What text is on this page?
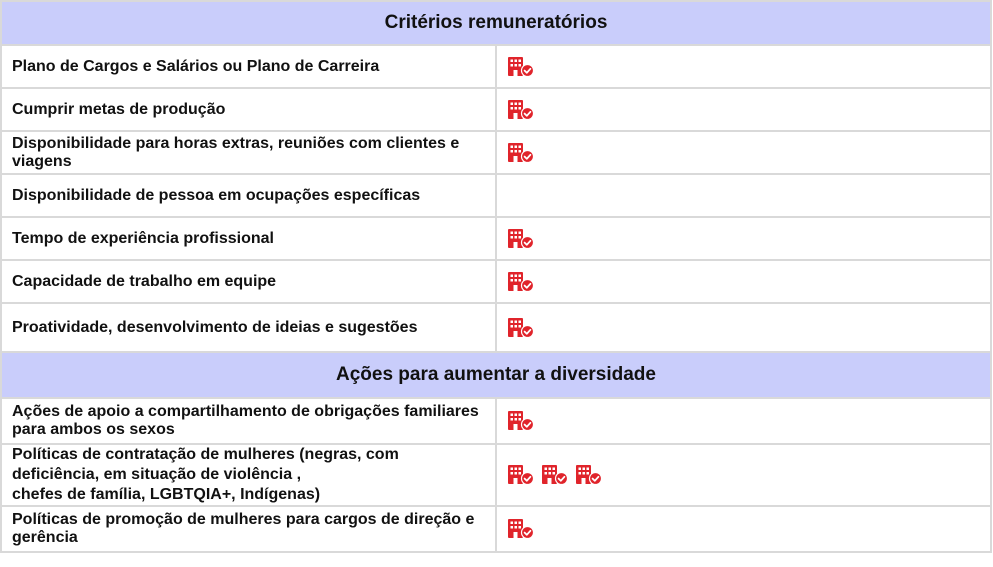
Critérios remuneratórios	
Plano de Cargos e Salários ou Plano de Carreira	

Cumprir metas de produção	

Disponibilidade para horas extras, reuniões com clientes e viagens	

Disponibilidade de pessoa em ocupações específicas	

Tempo de experiência profissional	

Capacidade de trabalho em equipe	

Proatividade, desenvolvimento de ideias e sugestões	

Ações para aumentar a diversidade	
Ações de apoio a compartilhamento de obrigações familiares para ambos os sexos	

Políticas de contratação de mulheres (negras, com deficiência, em situação de violência ,
chefes de família, LGBTQIA+, Indígenas)	

Políticas de promoção de mulheres para cargos de direção e gerência	
